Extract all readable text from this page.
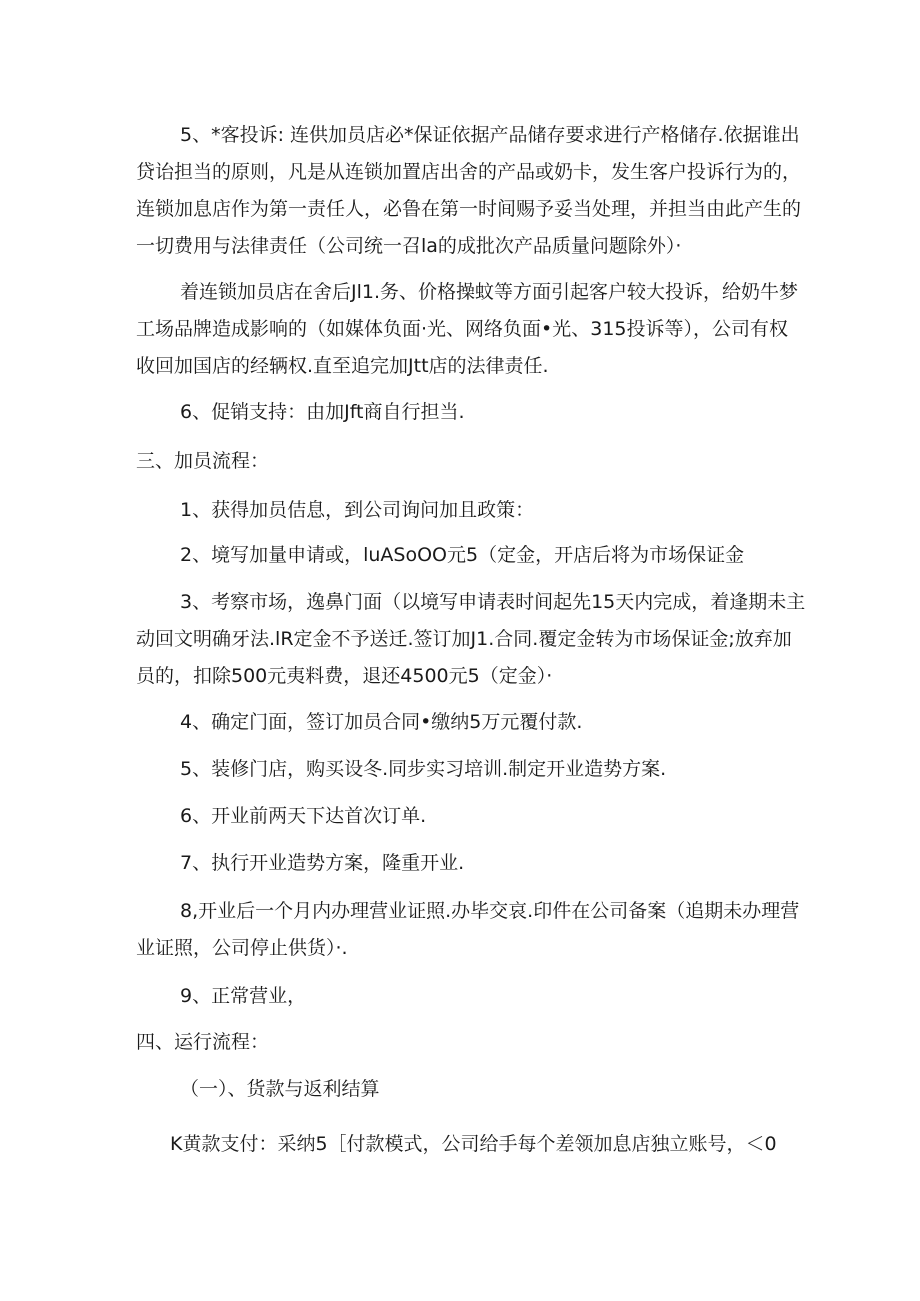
5、*客投诉: 连供加员店必*保证依据产品储存要求进行产格储存.依据谁出
贷诒担当的原则，凡是从连锁加置店出舍的产品或奶卡，发生客户投诉行为的，
连锁加息店作为第一责任人，必鲁在第一时间赐予妥当处理，并担当由此产生的
一切费用与法律责任（公司统一召la的成批次产品质量问题除外）·
着连锁加员店在舍后Jl1.务、价格操蚊等方面引起客户较大投诉，给奶牛梦
工场品牌造成影响的（如媒体负面·光、网络负面•光、315投诉等），公司有权
收回加国店的经辆权.直至追完加Jtt店的法律责任.
6、促销支持：由加Jft商自行担当.
三、加员流程：
1、获得加员佶息，到公司询问加且政策：
2、境写加量申请或，luASoOO元5（定金，开店后将为市场保证金
3、考察市场，逸鼻门面（以境写申请表时间起先15天内完成，着逢期未主
动回文明确牙法.lR定金不予送迁.签订加J1.合同.覆定金转为市场保证金;放弃加
员的，扣除500元夷料费，退还4500元5（定金）·
4、确定门面，签订加员合同•缴纳5万元覆付款.
5、装修门店，购买设冬.同步实习培训.制定开业造势方案.
6、开业前两天下达首次订单.
7、执行开业造势方案，隆重开业.
8,开业后一个月内办理营业证照.办毕交哀.印件在公司备案（追期未办理营
业证照，公司停止供货）·.
9、正常营业，
四、运行流程：
（一）、货款与返利结算
K黄款支付：采纳5［付款模式，公司给手每个差领加息店独立账号，＜0
